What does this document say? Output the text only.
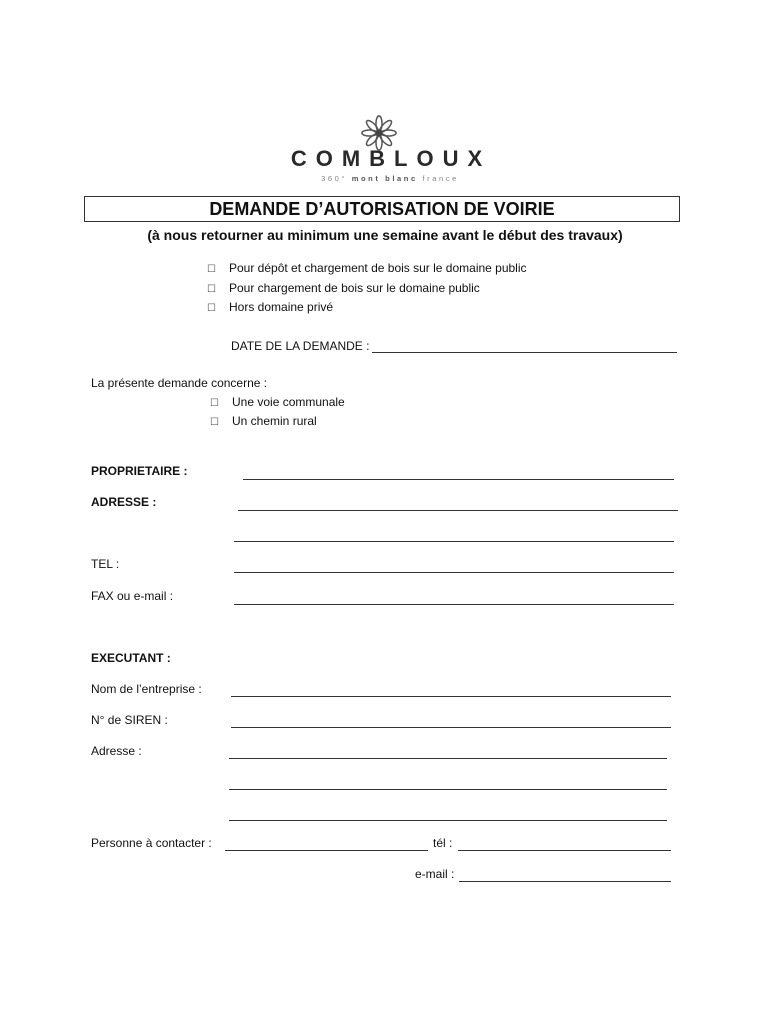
COMBLOUX
360° mont blanc france
DEMANDE D’AUTORISATION DE VOIRIE
(à nous retourner au minimum une semaine avant le début des travaux)
☐ Pour dépôt et chargement de bois sur le domaine public
☐ Pour chargement de bois sur le domaine public
☐ Hors domaine privé
DATE DE LA DEMANDE :
La présente demande concerne :
☐ Une voie communale
☐ Un chemin rural
PROPRIETAIRE :
ADRESSE :
TEL :
FAX ou e-mail :
EXECUTANT :
Nom de l’entreprise :
N° de SIREN :
Adresse :
Personne à contacter :	tél :
e-mail :
